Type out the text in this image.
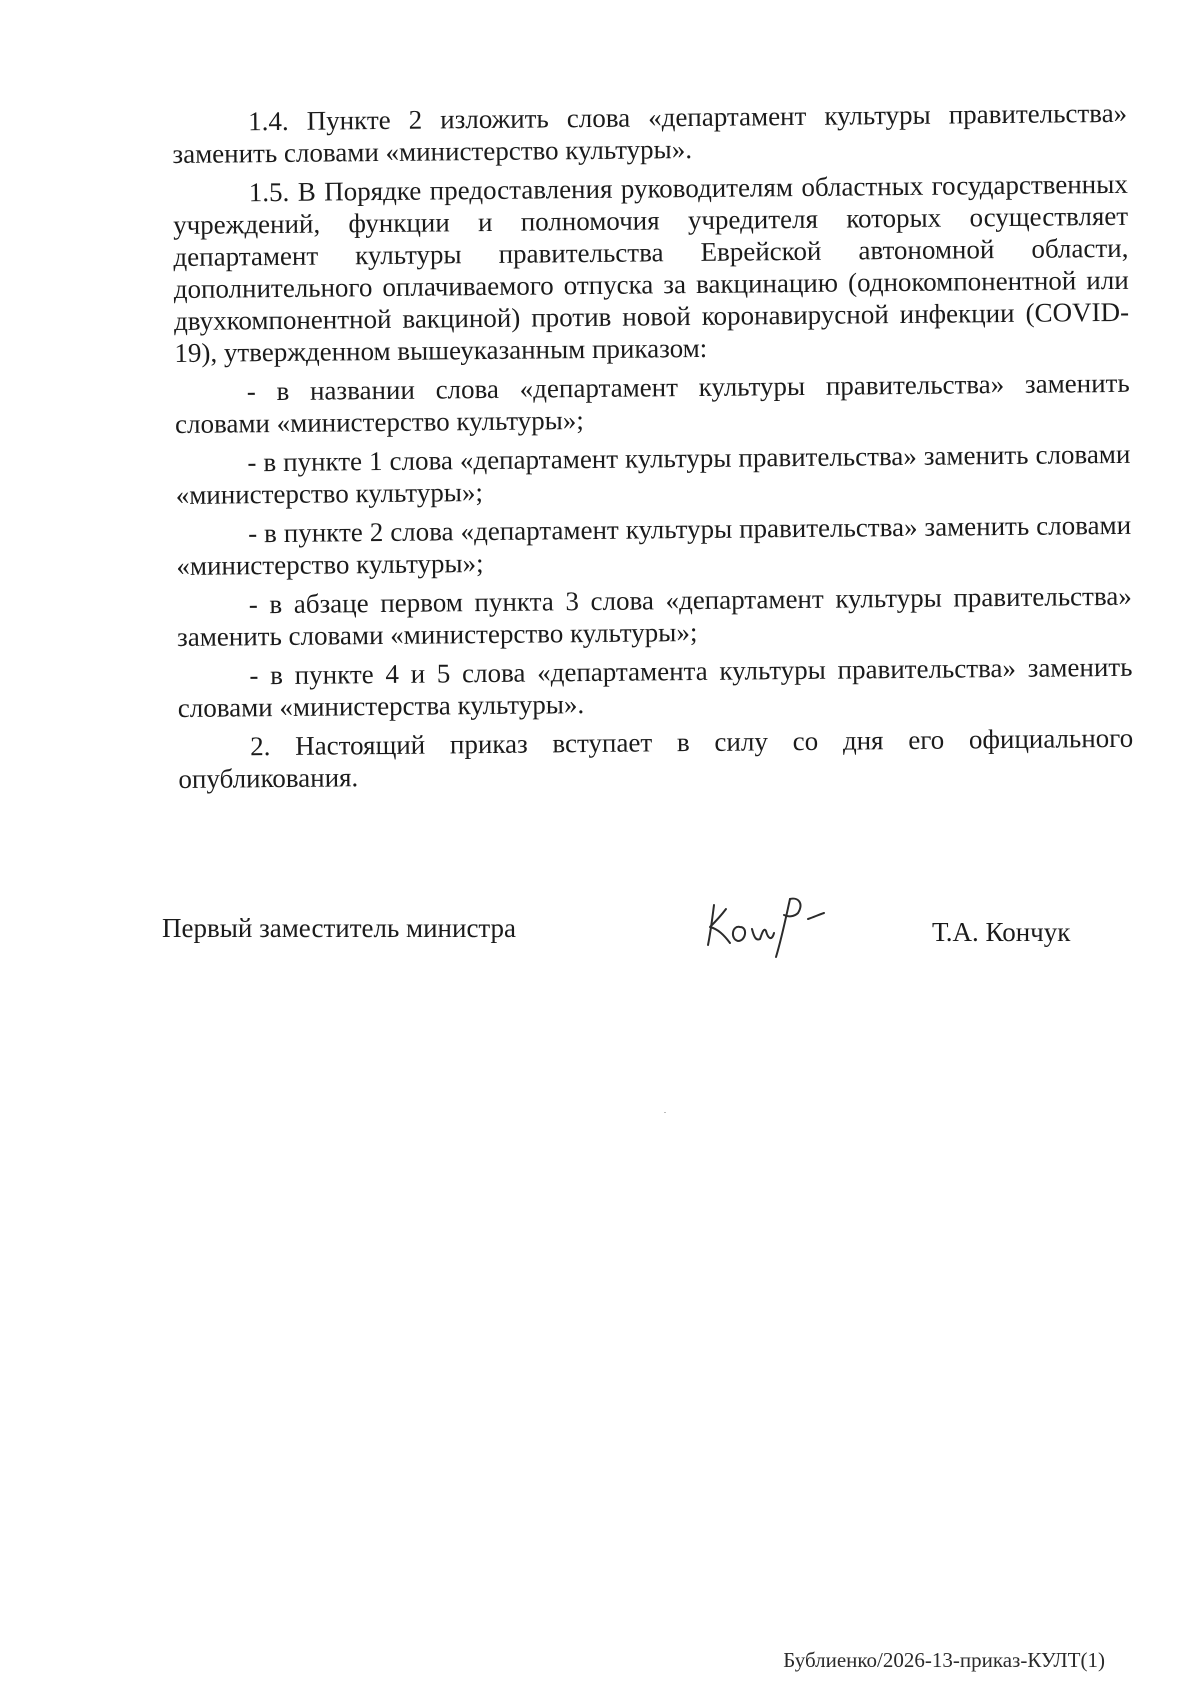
1.4. Пункте 2 изложить слова «департамент культуры правительства» заменить словами «министерство культуры».

1.5. В Порядке предоставления руководителям областных государственных учреждений, функции и полномочия учредителя которых осуществляет департамент культуры правительства Еврейской автономной области, дополнительного оплачиваемого отпуска за вакцинацию (однокомпонентной или двухкомпонентной вакциной) против новой коронавирусной инфекции (COVID-19), утвержденном вышеуказанным приказом:

- в названии слова «департамент культуры правительства» заменить словами «министерство культуры»;

- в пункте 1 слова «департамент культуры правительства» заменить словами «министерство культуры»;

- в пункте 2 слова «департамент культуры правительства» заменить словами «министерство культуры»;

- в абзаце первом пункта 3 слова «департамент культуры правительства» заменить словами «министерство культуры»;

- в пункте 4 и 5 слова «департамента культуры правительства» заменить словами «министерства культуры».

2. Настоящий приказ вступает в силу со дня его официального опубликования.

Первый заместитель министра	Т.А. Кончук
Бублиенко/2026-13-приказ-КУЛТ(1)
